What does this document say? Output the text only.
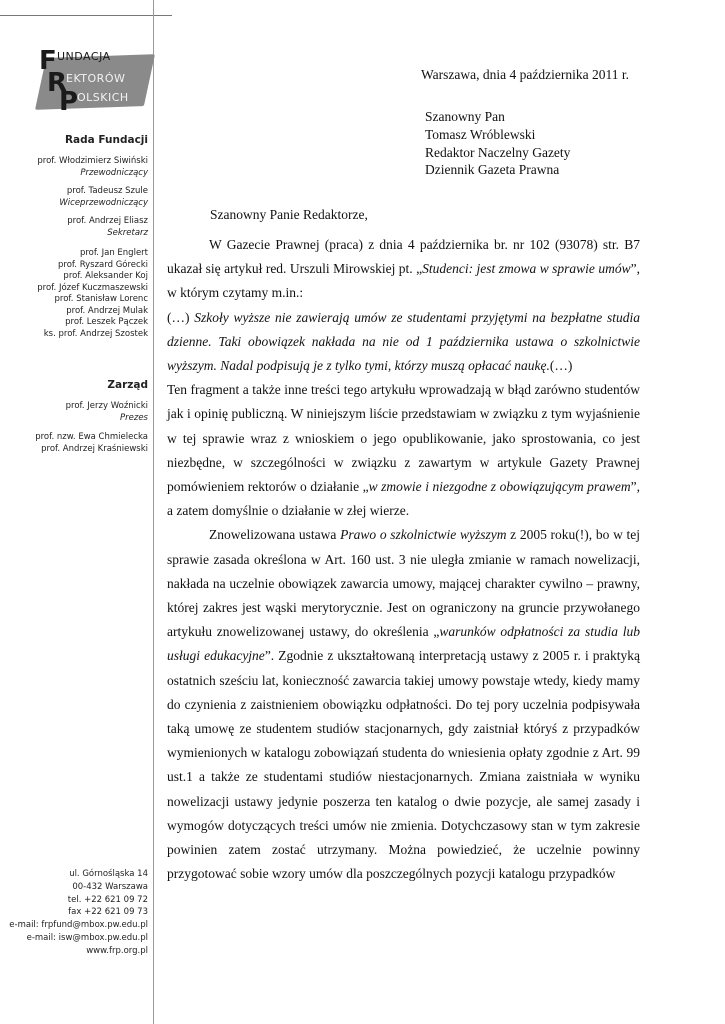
F UNDACJA
R
EKTORÓW
P
OLSKICH
Rada Fundacji
prof. Włodzimierz Siwiński
Przewodniczący
prof. Tadeusz Szule
Wiceprzewodniczący
prof. Andrzej Eliasz
Sekretarz
prof. Jan Englert
prof. Ryszard Górecki
prof. Aleksander Koj
prof. Józef Kuczmaszewski
prof. Stanisław Lorenc
prof. Andrzej Mulak
prof. Leszek Pączek
ks. prof. Andrzej Szostek
Zarząd
prof. Jerzy Woźnicki
Prezes
prof. nzw. Ewa Chmielecka
prof. Andrzej Kraśniewski
ul. Górnośląska 14
00-432 Warszawa
tel. +22 621 09 72
fax +22 621 09 73
e-mail: frpfund@mbox.pw.edu.pl
e-mail: isw@mbox.pw.edu.pl
www.frp.org.pl
Warszawa, dnia 4 października 2011 r.
Szanowny Pan
Tomasz Wróblewski
Redaktor Naczelny Gazety
Dziennik Gazeta Prawna
Szanowny Panie Redaktorze,

W Gazecie Prawnej (praca) z dnia 4 października br. nr 102 (93078) str. B7 ukazał się artykuł red. Urszuli Mirowskiej pt. „Studenci: jest zmowa w sprawie umów”, w którym czytamy m.in.:

(…) Szkoły wyższe nie zawierają umów ze studentami przyjętymi na bezpłatne studia dzienne. Taki obowiązek nakłada na nie od 1 października ustawa o szkolnictwie wyższym. Nadal podpisują je z tylko tymi, którzy muszą opłacać naukę.(…)

Ten fragment a także inne treści tego artykułu wprowadzają w błąd zarówno studentów jak i opinię publiczną. W niniejszym liście przedstawiam w związku z tym wyjaśnienie w tej sprawie wraz z wnioskiem o jego opublikowanie, jako sprostowania, co jest niezbędne, w szczególności w związku z zawartym w artykule Gazety Prawnej pomówieniem rektorów o działanie „w zmowie i niezgodne z obowiązującym prawem”, a zatem domyślnie o działanie w złej wierze.

Znowelizowana ustawa Prawo o szkolnictwie wyższym z 2005 roku(!), bo w tej sprawie zasada określona w Art. 160 ust. 3 nie uległa zmianie w ramach nowelizacji, nakłada na uczelnie obowiązek zawarcia umowy, mającej charakter cywilno – prawny, której zakres jest wąski merytorycznie. Jest on ograniczony na gruncie przywołanego artykułu znowelizowanej ustawy, do określenia „warunków odpłatności za studia lub usługi edukacyjne”. Zgodnie z ukształtowaną interpretacją ustawy z 2005 r. i praktyką ostatnich sześciu lat, konieczność zawarcia takiej umowy powstaje wtedy, kiedy mamy do czynienia z zaistnieniem obowiązku odpłatności. Do tej pory uczelnia podpisywała taką umowę ze studentem studiów stacjonarnych, gdy zaistniał któryś z przypadków wymienionych w katalogu zobowiązań studenta do wniesienia opłaty zgodnie z Art. 99 ust.1 a także ze studentami studiów niestacjonarnych. Zmiana zaistniała w wyniku nowelizacji ustawy jedynie poszerza ten katalog o dwie pozycje, ale samej zasady i wymogów dotyczących treści umów nie zmienia. Dotychczasowy stan w tym zakresie powinien zatem zostać utrzymany. Można powiedzieć, że uczelnie powinny przygotować sobie wzory umów dla poszczególnych pozycji katalogu przypadków
